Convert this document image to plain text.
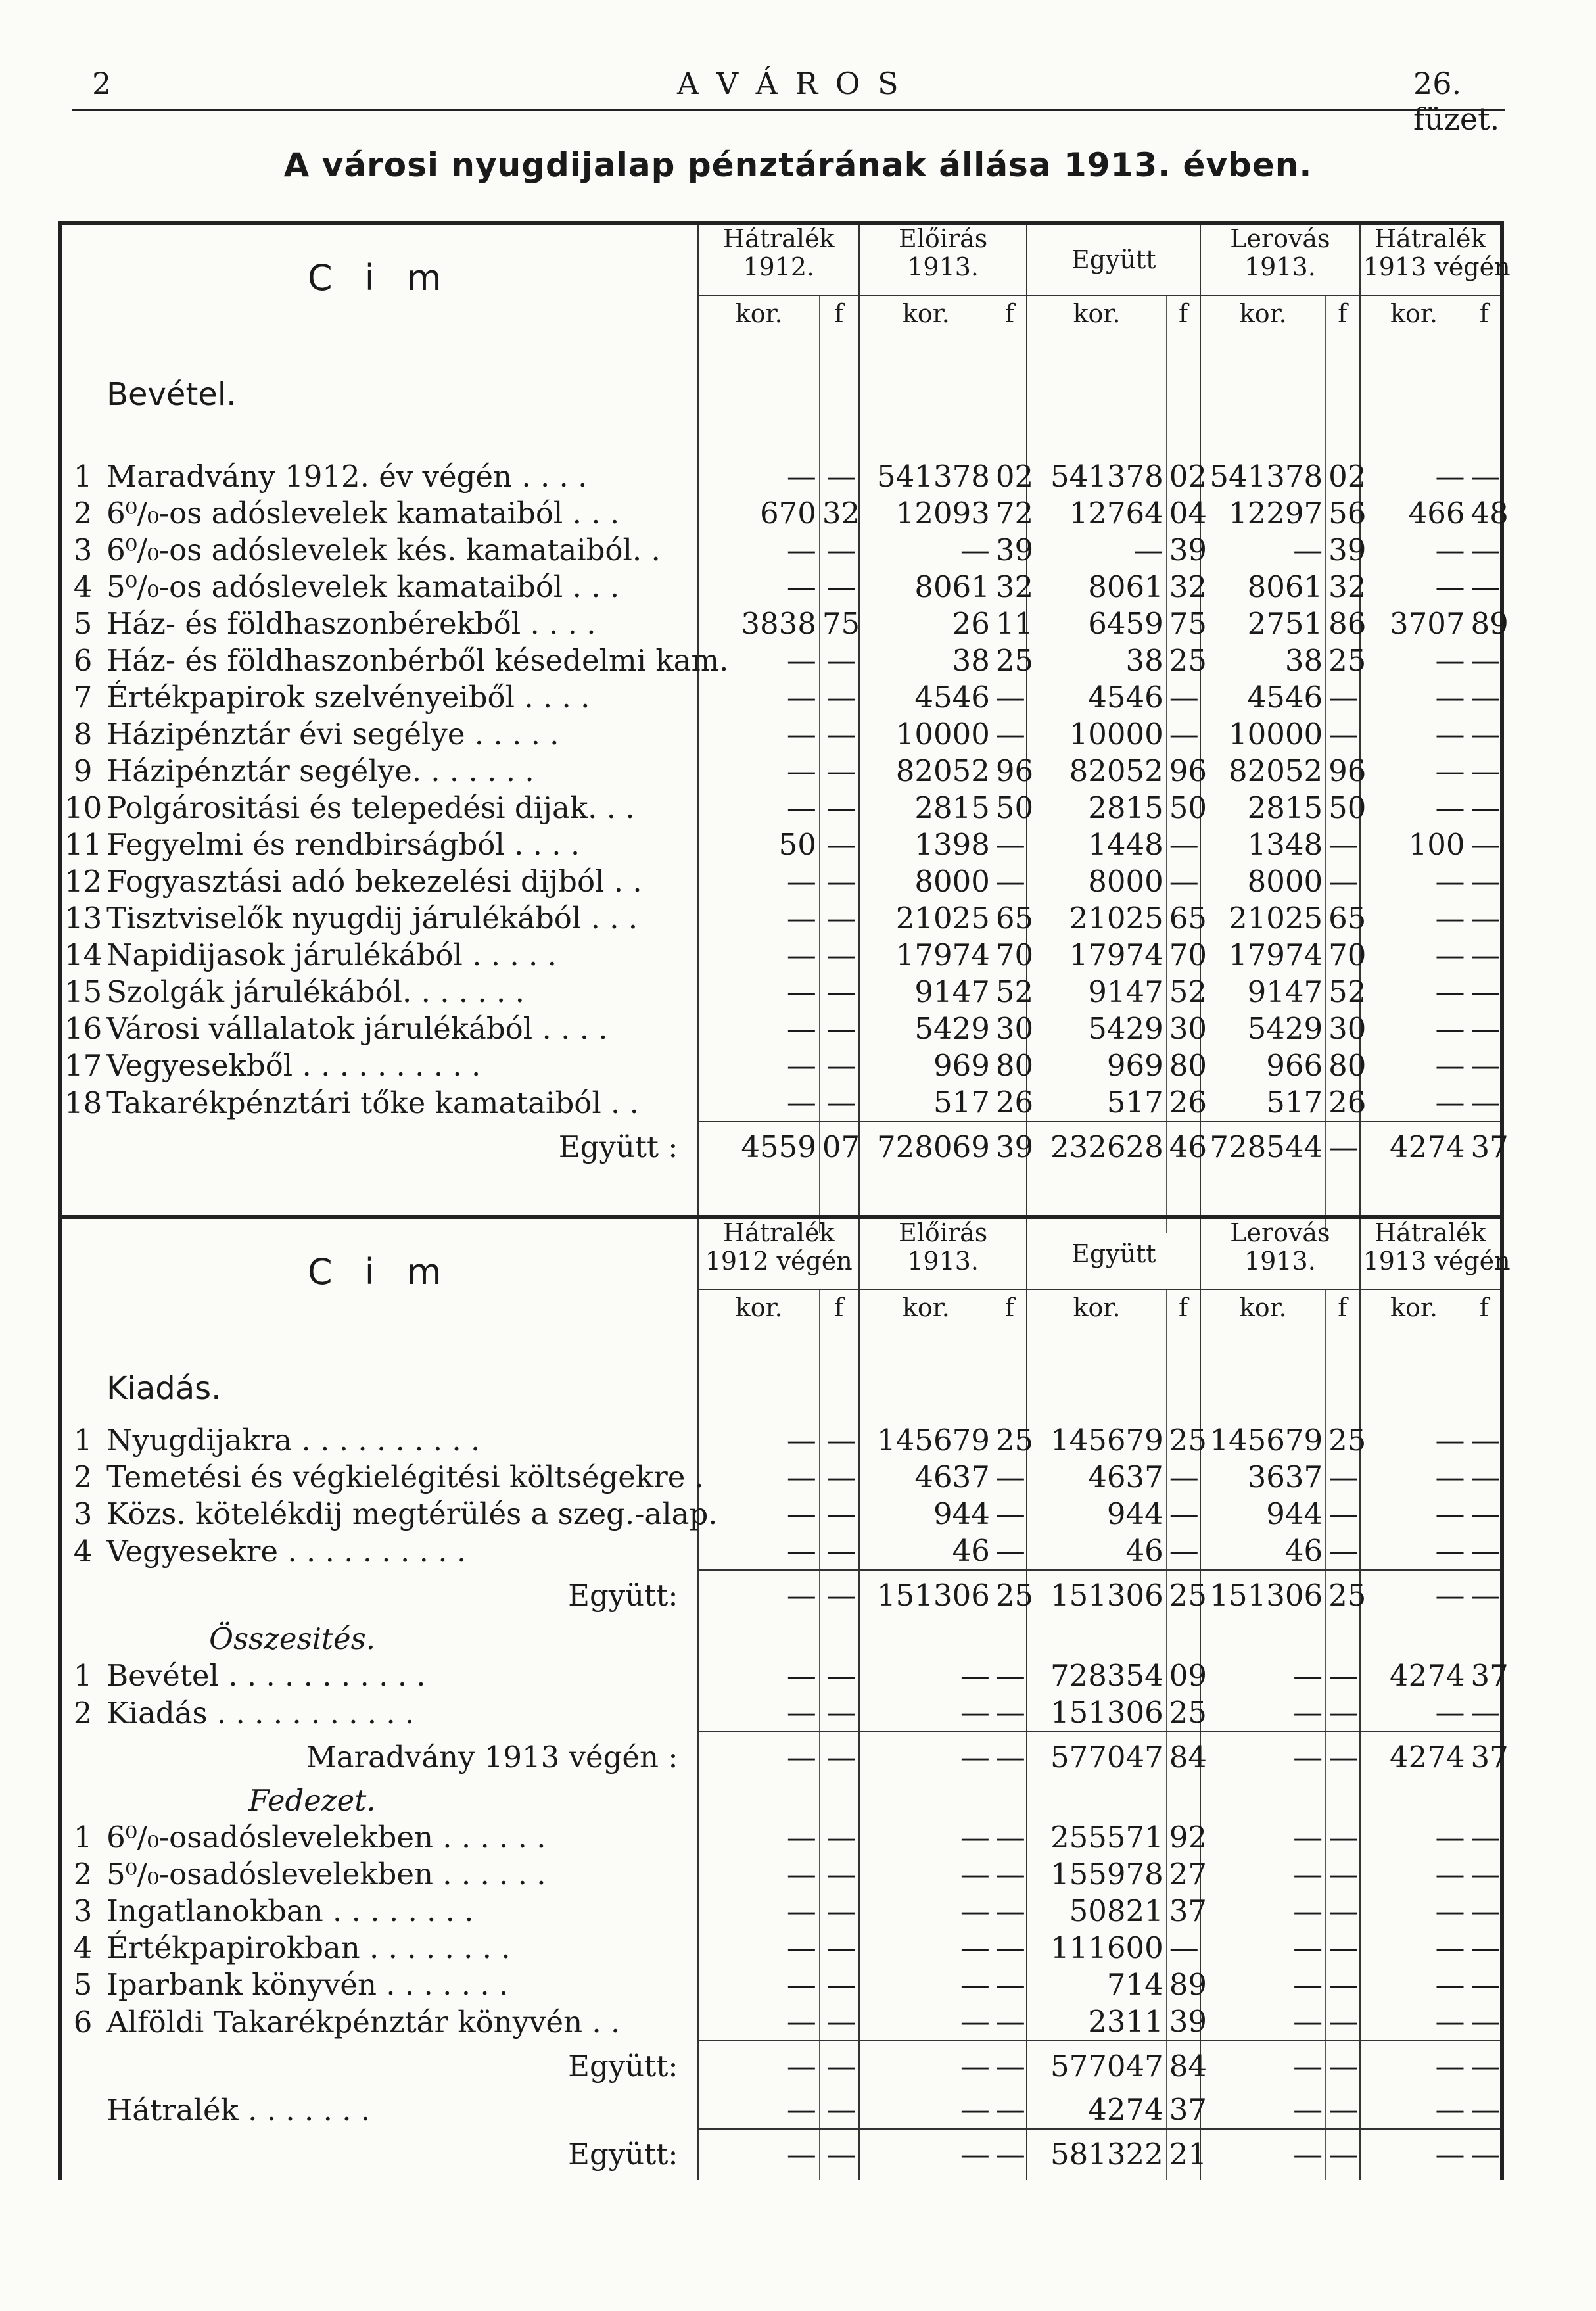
2	A V Á R O S	26. füzet.
A városi nyugdijalap pénztárának állása 1913. évben.
C i m		Hátralék
1912.		Előirás
1913.		Együtt		Lerovás
1913.		Hátralék
1913 végén	
		kor.	f	kor.	f	kor.	f	kor.	f	kor.	f

	Bevétel.										

1	Maradvány 1912. év végén . . . .	—	—	541378	02	541378	02	541378	02	—	—
2	6⁰/₀-os adóslevelek kamataiból . . .	670	32	12093	72	12764	04	12297	56	466	48
3	6⁰/₀-os adóslevelek kés. kamataiból. .	—	—	—	39	—	39	—	39	—	—
4	5⁰/₀-os adóslevelek kamataiból . . .	—	—	8061	32	8061	32	8061	32	—	—
5	Ház- és földhaszonbérekből . . . .	3838	75	26	11	6459	75	2751	86	3707	89
6	Ház- és földhaszonbérből késedelmi kam.	—	—	38	25	38	25	38	25	—	—
7	Értékpapirok szelvényeiből . . . .	—	—	4546	—	4546	—	4546	—	—	—
8	Házipénztár évi segélye . . . . .	—	—	10000	—	10000	—	10000	—	—	—
9	Házipénztár segélye. . . . . . .	—	—	82052	96	82052	96	82052	96	—	—
10	Polgárositási és telepedési dijak. . .	—	—	2815	50	2815	50	2815	50	—	—
11	Fegyelmi és rendbirságból . . . .	50	—	1398	—	1448	—	1348	—	100	—
12	Fogyasztási adó bekezelési dijból . .	—	—	8000	—	8000	—	8000	—	—	—
13	Tisztviselők nyugdij járulékából . . .	—	—	21025	65	21025	65	21025	65	—	—
14	Napidijasok járulékából . . . . .	—	—	17974	70	17974	70	17974	70	—	—
15	Szolgák járulékából. . . . . . .	—	—	9147	52	9147	52	9147	52	—	—
16	Városi vállalatok járulékából . . . .	—	—	5429	30	5429	30	5429	30	—	—
17	Vegyesekből . . . . . . . . . .	—	—	969	80	969	80	966	80	—	—
18	Takarékpénztári tőke kamataiból . .	—	—	517	26	517	26	517	26	—	—
	Együtt :	4559	07	728069	39	232628	46	728544	—	4274	37

C i m		Hátralék
1912 végén		Előirás
1913.		Együtt		Lerovás
1913.		Hátralék
1913 végén	
		kor.	f	kor.	f	kor.	f	kor.	f	kor.	f

	Kiadás.										
1	Nyugdijakra . . . . . . . . . .	—	—	145679	25	145679	25	145679	25	—	—
2	Temetési és végkielégitési költségekre .	—	—	4637	—	4637	—	3637	—	—	—
3	Közs. kötelékdij megtérülés a szeg.-alap.	—	—	944	—	944	—	944	—	—	—
4	Vegyesekre . . . . . . . . . .	—	—	46	—	46	—	46	—	—	—
	Együtt:	—	—	151306	25	151306	25	151306	25	—	—
	Összesités.										
1	Bevétel . . . . . . . . . . .	—	—	—	—	728354	09	—	—	4274	37
2	Kiadás . . . . . . . . . . .	—	—	—	—	151306	25	—	—	—	—
	Maradvány 1913 végén :	—	—	—	—	577047	84	—	—	4274	37
	Fedezet.										
1	6⁰/₀-osadóslevelekben . . . . . .	—	—	—	—	255571	92	—	—	—	—
2	5⁰/₀-osadóslevelekben . . . . . .	—	—	—	—	155978	27	—	—	—	—
3	Ingatlanokban . . . . . . . .	—	—	—	—	50821	37	—	—	—	—
4	Értékpapirokban . . . . . . . .	—	—	—	—	111600	—	—	—	—	—
5	Iparbank könyvén . . . . . . .	—	—	—	—	714	89	—	—	—	—
6	Alföldi Takarékpénztár könyvén . .	—	—	—	—	2311	39	—	—	—	—
	Együtt:	—	—	—	—	577047	84	—	—	—	—
	Hátralék . . . . . . .	—	—	—	—	4274	37	—	—	—	—
	Együtt:	—	—	—	—	581322	21	—	—	—	—
